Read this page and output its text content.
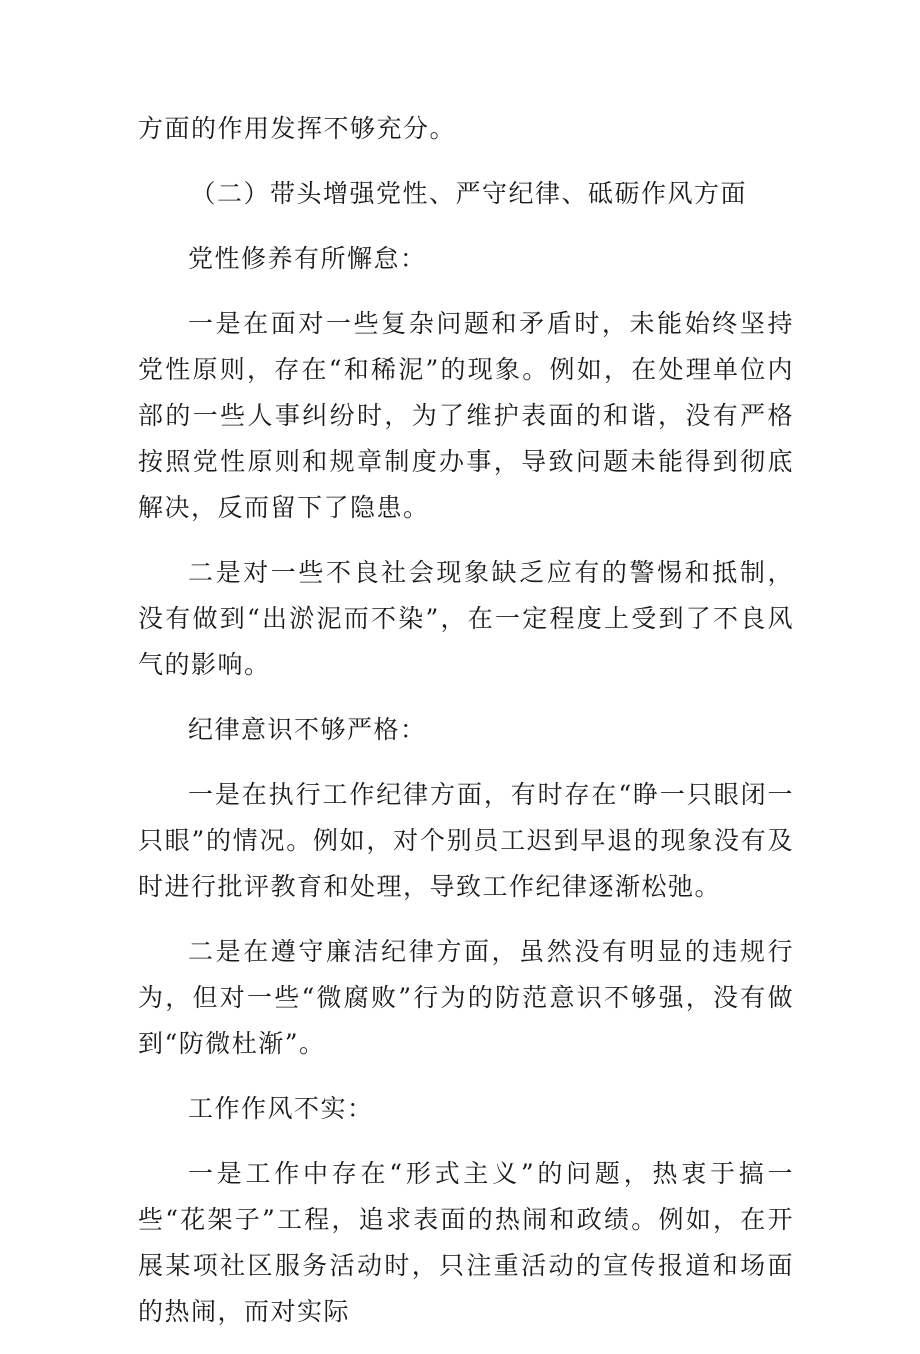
方面的作用发挥不够充分。

（二）带头增强党性、严守纪律、砥砺作风方面

党性修养有所懈怠：

一是在面对一些复杂问题和矛盾时，未能始终坚持党性原则，存在“和稀泥”的现象。例如，在处理单位内部的一些人事纠纷时，为了维护表面的和谐，没有严格按照党性原则和规章制度办事，导致问题未能得到彻底解决，反而留下了隐患。

二是对一些不良社会现象缺乏应有的警惕和抵制，没有做到“出淤泥而不染”，在一定程度上受到了不良风气的影响。

纪律意识不够严格：

一是在执行工作纪律方面，有时存在“睁一只眼闭一只眼”的情况。例如，对个别员工迟到早退的现象没有及时进行批评教育和处理，导致工作纪律逐渐松弛。

二是在遵守廉洁纪律方面，虽然没有明显的违规行为，但对一些“微腐败”行为的防范意识不够强，没有做到“防微杜渐”。

工作作风不实：

一是工作中存在“形式主义”的问题，热衷于搞一些“花架子”工程，追求表面的热闹和政绩。例如，在开展某项社区服务活动时，只注重活动的宣传报道和场面的热闹，而对实际
